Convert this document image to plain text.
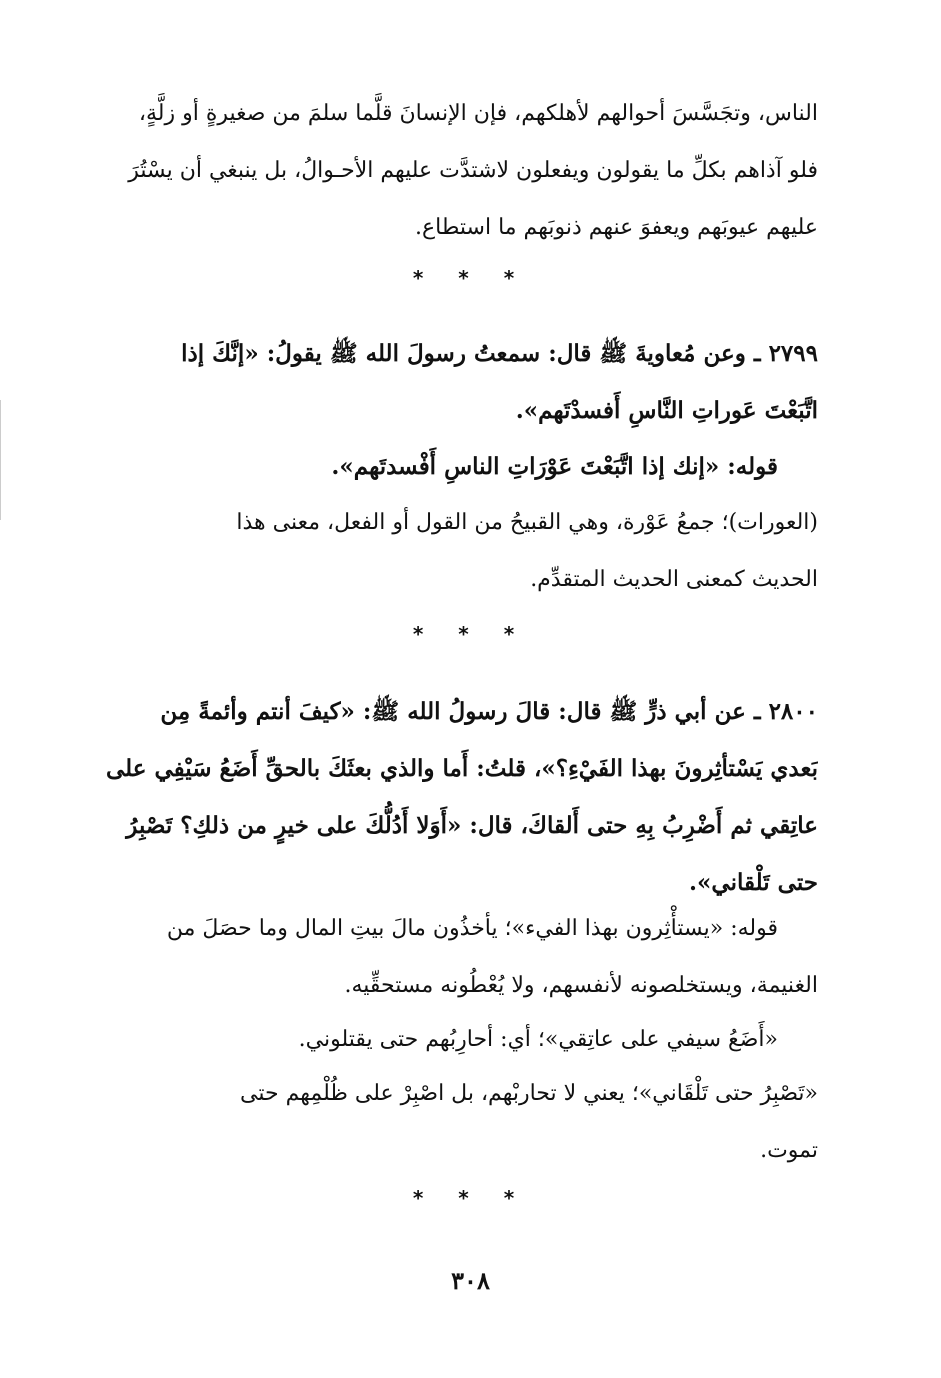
الناس، وتجَسَّسَ أحوالهم لأهلكهم، فإن الإنسانَ قلَّما سلمَ من صغيرةٍ أو زلَّةٍ،
فلو آذاهم بكلِّ ما يقولون ويفعلون لاشتدَّت عليهم الأحـوالُ، بل ينبغي أن يسْتُرَ
عليهم عيوبَهم ويعفوَ عنهم ذنوبَهم ما استطاع.
* * *
٢٧٩٩ ـ وعن مُعاويةَ ﷺ قال: سمعتُ رسولَ الله ﷺ يقولُ: «إنَّكَ إذا
اتَّبَعْتَ عَوراتِ النَّاسِ أَفسدْتَهم».
قوله: «إنك إذا اتَّبَعْتَ عَوْرَاتِ الناسِ أَفْسدتَهم».
(العورات)؛ جمعُ عَوْرة، وهي القبيحُ من القول أو الفعل، معنى هذا
الحديث كمعنى الحديث المتقدِّم.
* * *
٢٨٠٠ ـ عن أبي ذرٍّ ﷺ قال: قالَ رسولُ الله ﷺ: «كيفَ أنتم وأئمةً مِن
بَعدي يَسْتأثِرونَ بهذا الفَيْءِ؟»، قلتُ: أَما والذي بعثَكَ بالحقِّ أَضَعُ سَيْفِي على
عاتِقي ثم أَضْرِبُ بِهِ حتى أَلقاكَ، قال: «أَوَلا أَدُلُّكَ على خيرٍ من ذلكِ؟ تَصْبِرُ
حتى تَلْقاني».
قوله: «يستأْثِرون بهذا الفيء»؛ يأخذُون مالَ بيتِ المال وما حصَلَ من
الغنيمة، ويستخلصونه لأنفسهم، ولا يُعْطُونه مستحقِّيه.
«أَضَعُ سيفي على عاتِقي»؛ أي: أحارِبُهم حتى يقتلوني.
«تَصْبِرُ حتى تَلْقَاني»؛ يعني لا تحاربْهم، بل اصْبِرْ على ظُلْمِهم حتى
تموت.
* * *
٣٠٨
